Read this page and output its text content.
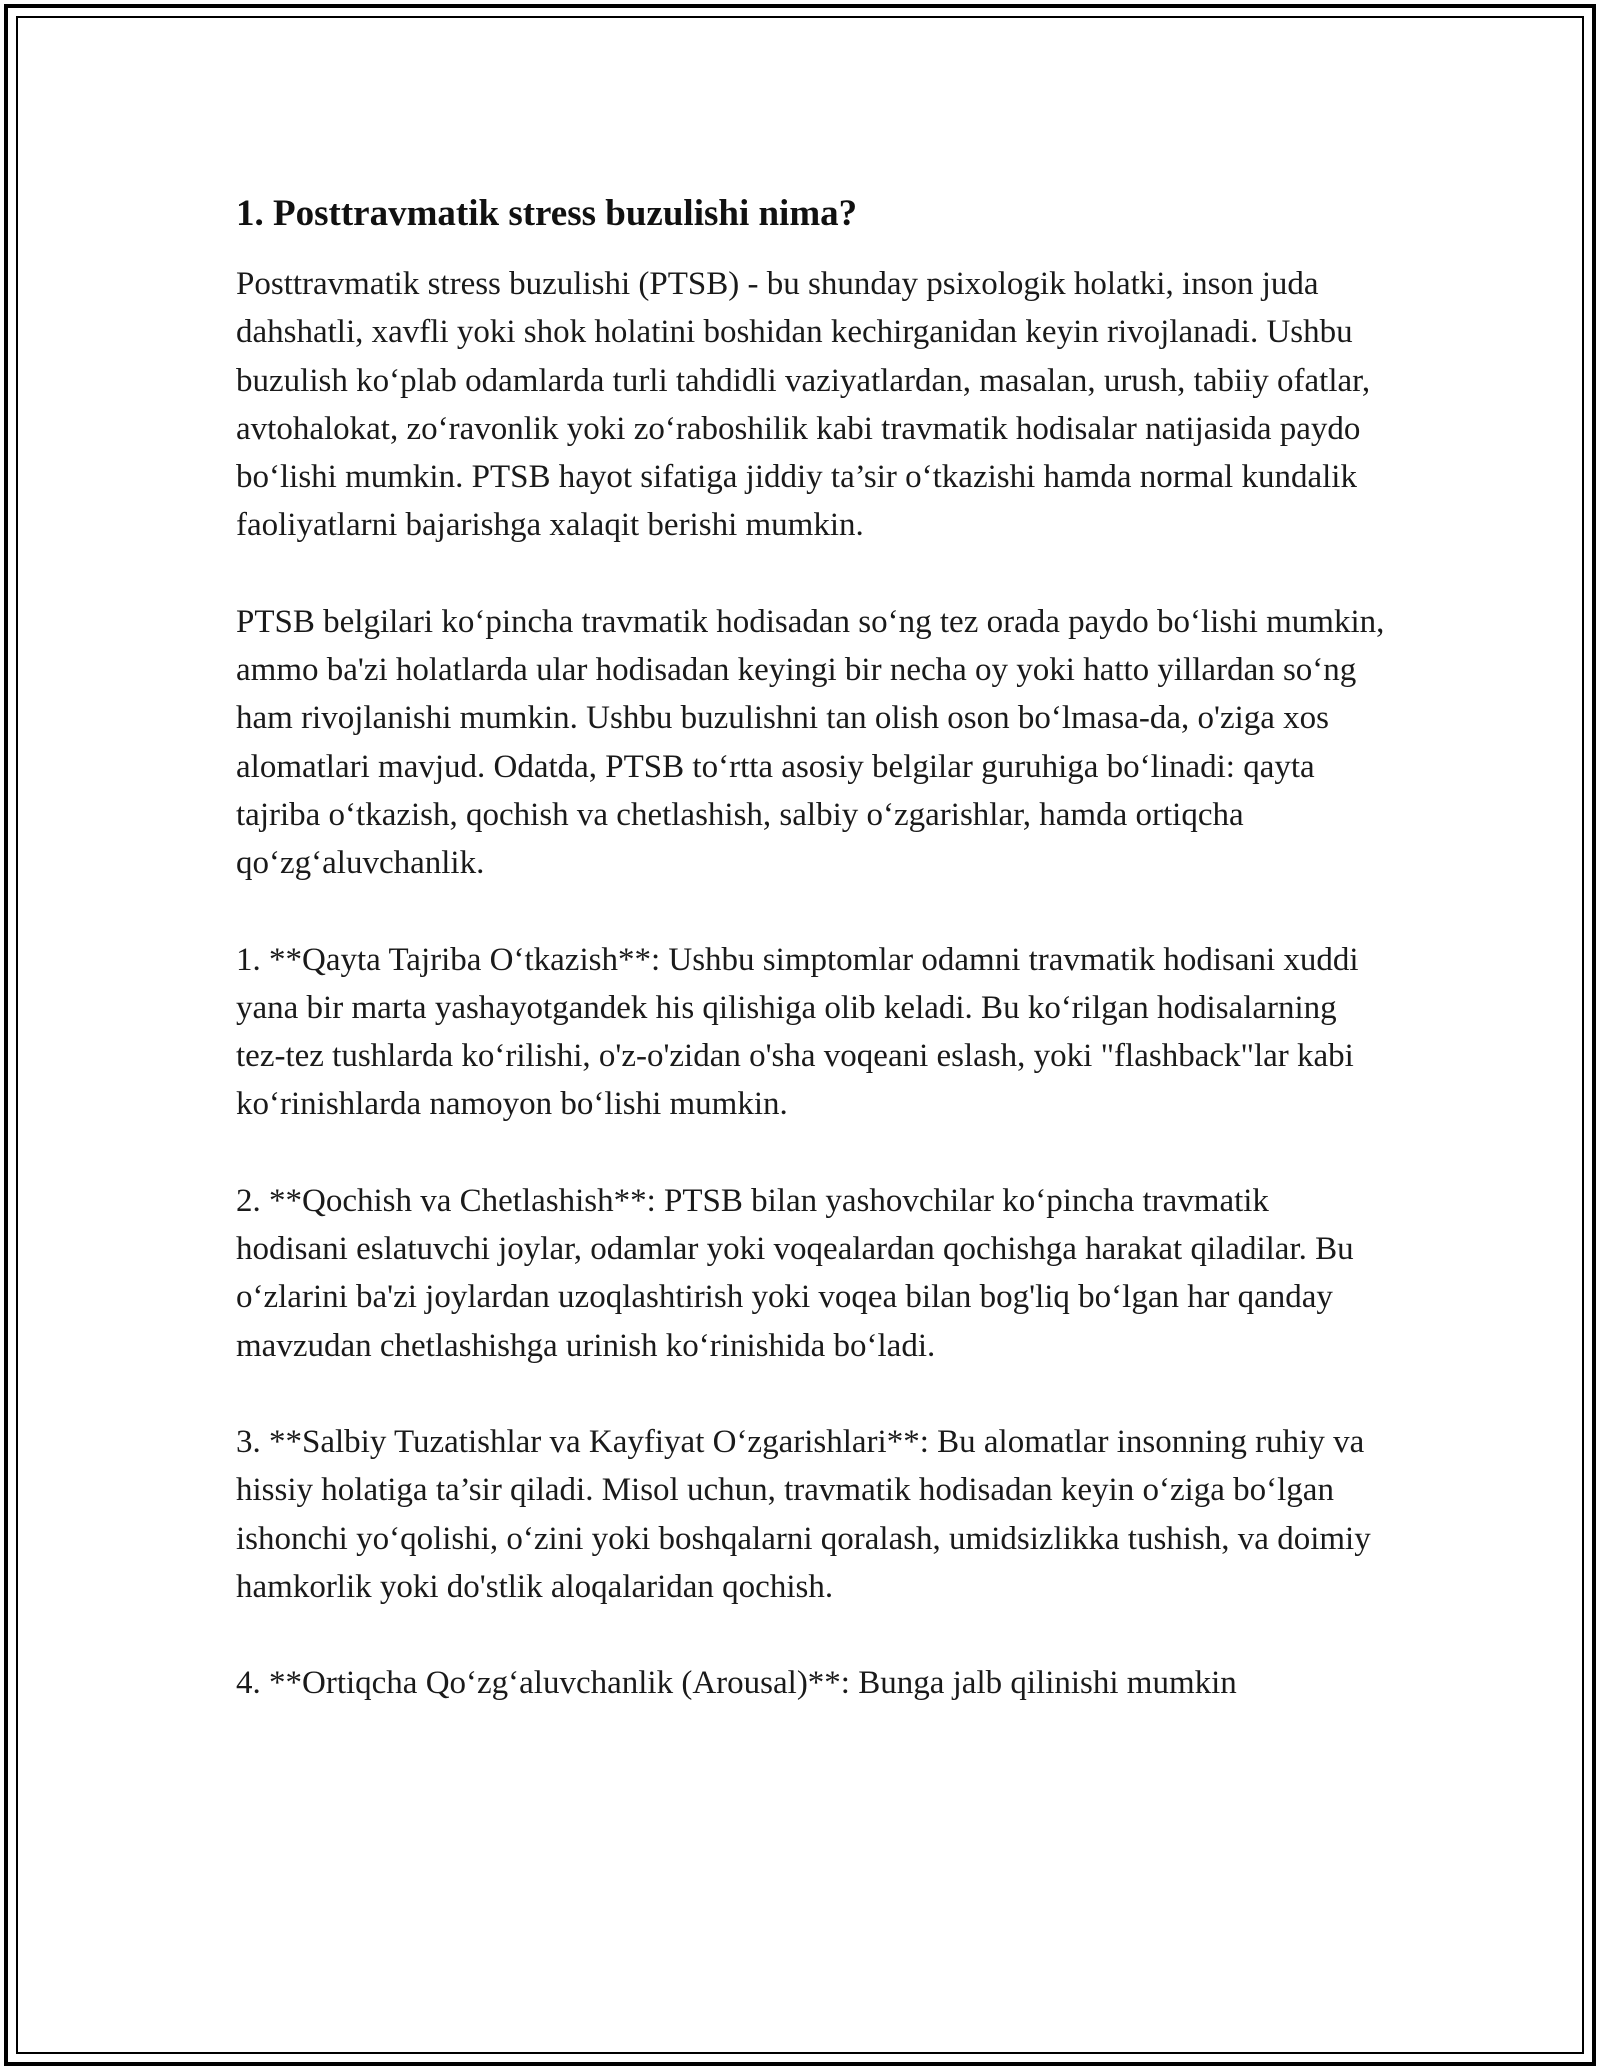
1. Posttravmatik stress buzulishi nima?

Posttravmatik stress buzulishi (PTSB) - bu shunday psixologik holatki, inson juda dahshatli, xavfli yoki shok holatini boshidan kechirganidan keyin rivojlanadi. Ushbu buzulish ko‘plab odamlarda turli tahdidli vaziyatlardan, masalan, urush, tabiiy ofatlar, avtohalokat, zo‘ravonlik yoki zo‘raboshilik kabi travmatik hodisalar natijasida paydo bo‘lishi mumkin. PTSB hayot sifatiga jiddiy ta’sir o‘tkazishi hamda normal kundalik faoliyatlarni bajarishga xalaqit berishi mumkin.

PTSB belgilari ko‘pincha travmatik hodisadan so‘ng tez orada paydo bo‘lishi mumkin, ammo ba'zi holatlarda ular hodisadan keyingi bir necha oy yoki hatto yillardan so‘ng ham rivojlanishi mumkin. Ushbu buzulishni tan olish oson bo‘lmasa-da, o'ziga xos alomatlari mavjud. Odatda, PTSB to‘rtta asosiy belgilar guruhiga bo‘linadi: qayta tajriba o‘tkazish, qochish va chetlashish, salbiy o‘zgarishlar, hamda ortiqcha qo‘zg‘aluvchanlik.

1. **Qayta Tajriba O‘tkazish**: Ushbu simptomlar odamni travmatik hodisani xuddi yana bir marta yashayotgandek his qilishiga olib keladi. Bu ko‘rilgan hodisalarning tez-tez tushlarda ko‘rilishi, o'z-o'zidan o'sha voqeani eslash, yoki "flashback"lar kabi ko‘rinishlarda namoyon bo‘lishi mumkin.

2. **Qochish va Chetlashish**: PTSB bilan yashovchilar ko‘pincha travmatik hodisani eslatuvchi joylar, odamlar yoki voqealardan qochishga harakat qiladilar. Bu o‘zlarini ba'zi joylardan uzoqlashtirish yoki voqea bilan bog'liq bo‘lgan har qanday mavzudan chetlashishga urinish ko‘rinishida bo‘ladi.

3. **Salbiy Tuzatishlar va Kayfiyat O‘zgarishlari**: Bu alomatlar insonning ruhiy va hissiy holatiga ta’sir qiladi. Misol uchun, travmatik hodisadan keyin o‘ziga bo‘lgan ishonchi yo‘qolishi, o‘zini yoki boshqalarni qoralash, umidsizlikka tushish, va doimiy hamkorlik yoki do'stlik aloqalaridan qochish.

4. **Ortiqcha Qo‘zg‘aluvchanlik (Arousal)**: Bunga jalb qilinishi mumkin
